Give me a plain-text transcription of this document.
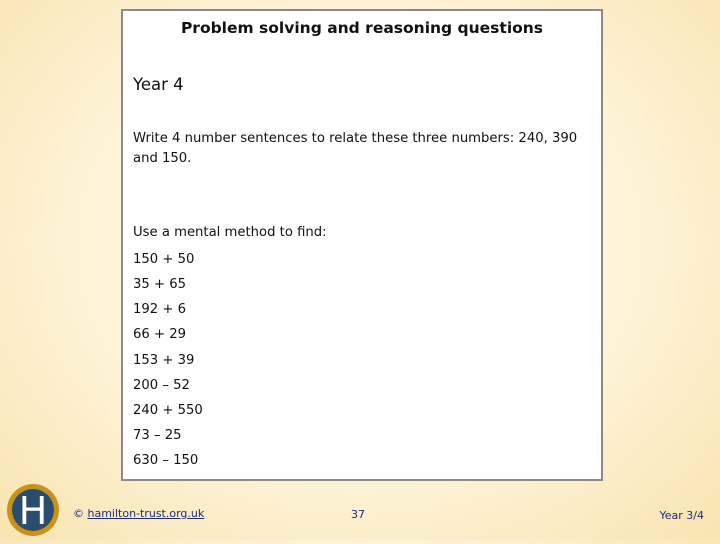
Problem solving and reasoning questions
Year 4
Write 4 number sentences to relate these three numbers: 240, 390 and 150.
Use a mental method to find:
150 + 50
35 + 65
192 + 6
66 + 29
153 + 39
200 – 52
240 + 550
73 – 25
630 – 150
H © hamilton-trust.org.uk	37	Year 3/4
